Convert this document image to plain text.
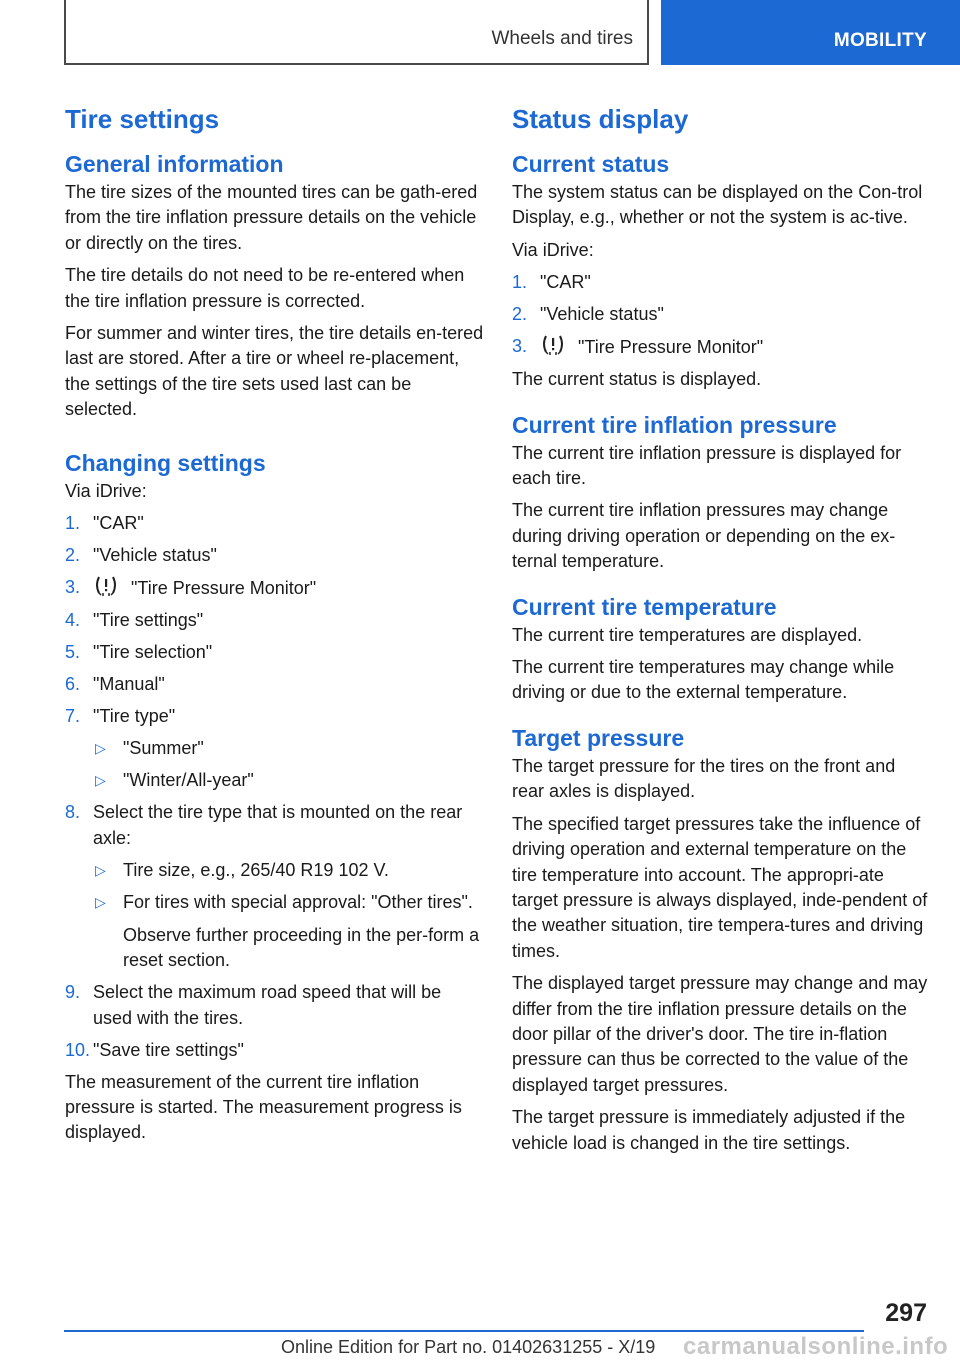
Wheels and tires	MOBILITY
Tire settings
General information

The tire sizes of the mounted tires can be gath‐ered from the tire inflation pressure details on the vehicle or directly on the tires.

The tire details do not need to be re-entered when the tire inflation pressure is corrected.

For summer and winter tires, the tire details en‐tered last are stored. After a tire or wheel re‐placement, the settings of the tire sets used last can be selected.

Changing settings

Via iDrive:

1. "CAR"
2. "Vehicle status"
3.	"Tire Pressure Monitor"
4. "Tire settings"
5. "Tire selection"
6. "Manual"
7. "Tire type"
▷ "Summer"
▷ "Winter/All-year"
8. Select the tire type that is mounted on the rear axle:
▷ Tire size, e.g., 265/40 R19 102 V.
▷ For tires with special approval: "Other tires".
Observe further proceeding in the per‐form a reset section.
9. Select the maximum road speed that will be used with the tires.
10. "Save tire settings"

The measurement of the current tire inflation pressure is started. The measurement progress is displayed.

Status display
Current status

The system status can be displayed on the Con‐trol Display, e.g., whether or not the system is ac‐tive.

Via iDrive:

1. "CAR"
2. "Vehicle status"
3.	"Tire Pressure Monitor"

The current status is displayed.

Current tire inflation pressure

The current tire inflation pressure is displayed for each tire.

The current tire inflation pressures may change during driving operation or depending on the ex‐ternal temperature.

Current tire temperature

The current tire temperatures are displayed.

The current tire temperatures may change while driving or due to the external temperature.

Target pressure

The target pressure for the tires on the front and rear axles is displayed.

The specified target pressures take the influence of driving operation and external temperature on the tire temperature into account. The appropri‐ate target pressure is always displayed, inde‐pendent of the weather situation, tire tempera‐tures and driving times.

The displayed target pressure may change and may differ from the tire inflation pressure details on the door pillar of the driver's door. The tire in‐flation pressure can thus be corrected to the value of the displayed target pressures.

The target pressure is immediately adjusted if the vehicle load is changed in the tire settings.

297
Online Edition for Part no. 01402631255 - X/19 carmanualsonline.info
